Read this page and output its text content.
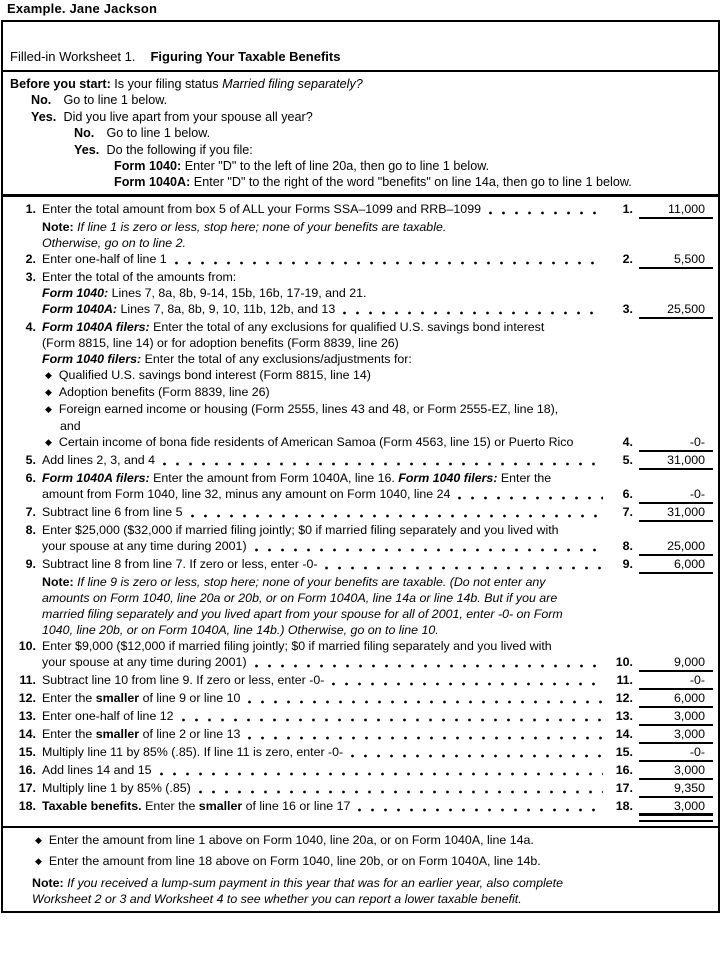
Example. Jane Jackson
Filled-in Worksheet 1. Figuring Your Taxable Benefits
Before you start: Is your filing status Married filing separately?
No. Go to line 1 below.
Yes. Did you live apart from your spouse all year?
No. Go to line 1 below.
Yes. Do the following if you file:
Form 1040: Enter "D" to the left of line 20a, then go to line 1 below.
Form 1040A: Enter "D" to the right of the word "benefits" on line 14a, then go to line 1 below.
1. Enter the total amount from box 5 of ALL your Forms SSA–1099 and RRB–1099	1.	11,000
Note: If line 1 is zero or less, stop here; none of your benefits are taxable.
Otherwise, go on to line 2.
2. Enter one-half of line 1	2.	5,500
3. Enter the total of the amounts from:
Form 1040: Lines 7, 8a, 8b, 9-14, 15b, 16b, 17-19, and 21.
Form 1040A: Lines 7, 8a, 8b, 9, 10, 11b, 12b, and 13	3.	25,500
4. Form 1040A filers: Enter the total of any exclusions for qualified U.S. savings bond interest
(Form 8815, line 14) or for adoption benefits (Form 8839, line 26)
Form 1040 filers: Enter the total of any exclusions/adjustments for:
◆ Qualified U.S. savings bond interest (Form 8815, line 14)
◆ Adoption benefits (Form 8839, line 26)
◆ Foreign earned income or housing (Form 2555, lines 43 and 48, or Form 2555-EZ, line 18),
and
◆ Certain income of bona fide residents of American Samoa (Form 4563, line 15) or Puerto Rico	4.	-0-
5. Add lines 2, 3, and 4	5.	31,000
6. Form 1040A filers: Enter the amount from Form 1040A, line 16. Form 1040 filers: Enter the
amount from Form 1040, line 32, minus any amount on Form 1040, line 24	6.	-0-
7. Subtract line 6 from line 5	7.	31,000
8. Enter $25,000 ($32,000 if married filing jointly; $0 if married filing separately and you lived with
your spouse at any time during 2001)	8.	25,000
9. Subtract line 8 from line 7. If zero or less, enter -0-	9.	6,000
Note: If line 9 is zero or less, stop here; none of your benefits are taxable. (Do not enter any
amounts on Form 1040, line 20a or 20b, or on Form 1040A, line 14a or line 14b. But if you are
married filing separately and you lived apart from your spouse for all of 2001, enter -0- on Form
1040, line 20b, or on Form 1040A, line 14b.) Otherwise, go on to line 10.
10. Enter $9,000 ($12,000 if married filing jointly; $0 if married filing separately and you lived with
your spouse at any time during 2001)	10.	9,000
11. Subtract line 10 from line 9. If zero or less, enter -0-	11.	-0-
12. Enter the smaller of line 9 or line 10	12.	6,000
13. Enter one-half of line 12	13.	3,000
14. Enter the smaller of line 2 or line 13	14.	3,000
15. Multiply line 11 by 85% (.85). If line 11 is zero, enter -0-	15.	-0-
16. Add lines 14 and 15	16.	3,000
17. Multiply line 1 by 85% (.85)	17.	9,350
18. Taxable benefits. Enter the smaller of line 16 or line 17	18.	3,000
◆ Enter the amount from line 1 above on Form 1040, line 20a, or on Form 1040A, line 14a.
◆ Enter the amount from line 18 above on Form 1040, line 20b, or on Form 1040A, line 14b.
Note: If you received a lump-sum payment in this year that was for an earlier year, also complete
Worksheet 2 or 3 and Worksheet 4 to see whether you can report a lower taxable benefit.
